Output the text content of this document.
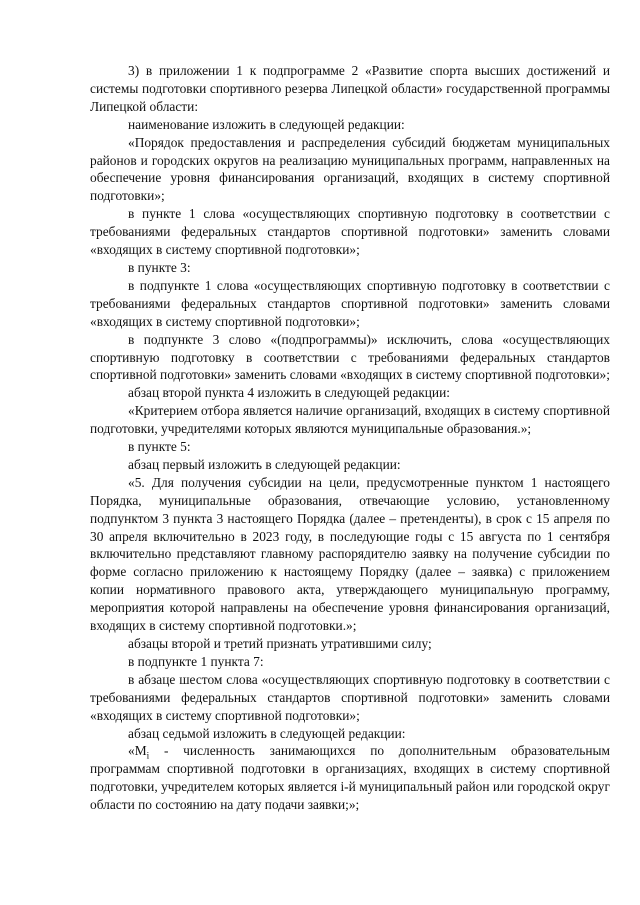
3) в приложении 1 к подпрограмме 2 «Развитие спорта высших достижений и системы подготовки спортивного резерва Липецкой области» государственной программы Липецкой области:

наименование изложить в следующей редакции:

«Порядок предоставления и распределения субсидий бюджетам муниципальных районов и городских округов на реализацию муниципальных программ, направленных на обеспечение уровня финансирования организаций, входящих в систему спортивной подготовки»;

в пункте 1 слова «осуществляющих спортивную подготовку в соответствии с требованиями федеральных стандартов спортивной подготовки» заменить словами «входящих в систему спортивной подготовки»;

в пункте 3:

в подпункте 1 слова «осуществляющих спортивную подготовку в соответствии с требованиями федеральных стандартов спортивной подготовки» заменить словами «входящих в систему спортивной подготовки»;

в подпункте 3 слово «(подпрограммы)» исключить, слова «осуществляющих спортивную подготовку в соответствии с требованиями федеральных стандартов спортивной подготовки» заменить словами «входящих в систему спортивной подготовки»;

абзац второй пункта 4 изложить в следующей редакции:

«Критерием отбора является наличие организаций, входящих в систему спортивной подготовки, учредителями которых являются муниципальные образования.»;

в пункте 5:

абзац первый изложить в следующей редакции:

«5. Для получения субсидии на цели, предусмотренные пунктом 1 настоящего Порядка, муниципальные образования, отвечающие условию, установленному подпунктом 3 пункта 3 настоящего Порядка (далее – претенденты), в срок с 15 апреля по 30 апреля включительно в 2023 году, в последующие годы с 15 августа по 1 сентября включительно представляют главному распорядителю заявку на получение субсидии по форме согласно приложению к настоящему Порядку (далее – заявка) с приложением копии нормативного правового акта, утверждающего муниципальную программу, мероприятия которой направлены на обеспечение уровня финансирования организаций, входящих в систему спортивной подготовки.»;

абзацы второй и третий признать утратившими силу;

в подпункте 1 пункта 7:

в абзаце шестом слова «осуществляющих спортивную подготовку в соответствии с требованиями федеральных стандартов спортивной подготовки» заменить словами «входящих в систему спортивной подготовки»;

абзац седьмой изложить в следующей редакции:

«$M_i$ - численность занимающихся по дополнительным образовательным программам спортивной подготовки в организациях, входящих в систему спортивной подготовки, учредителем которых является i-й муниципальный район или городской округ области по состоянию на дату подачи заявки;»;
